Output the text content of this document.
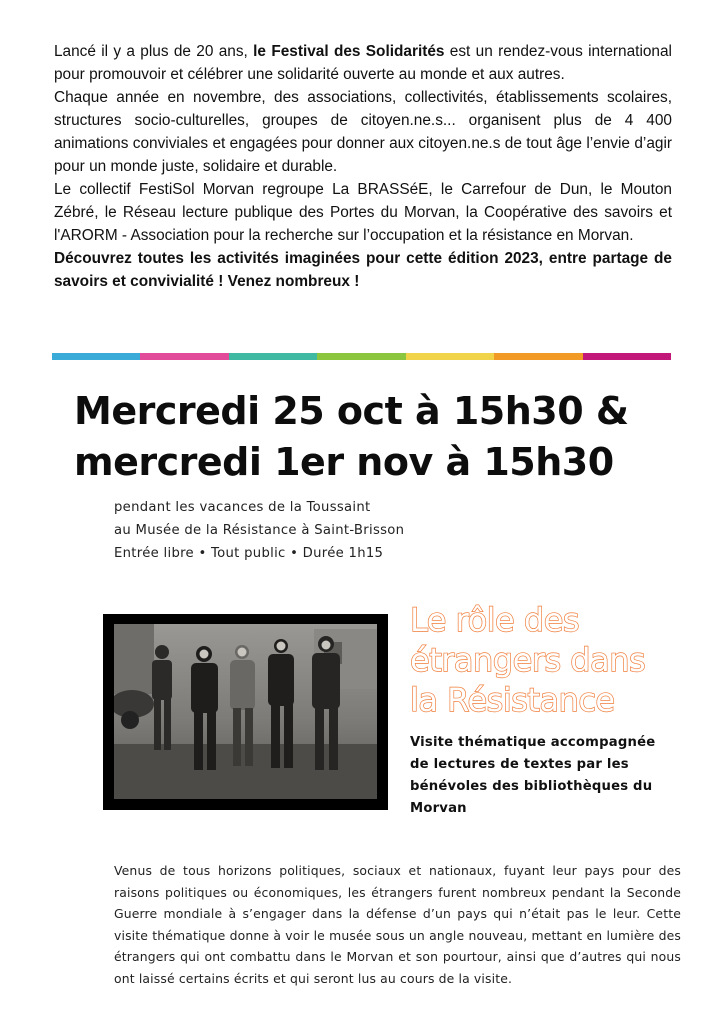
Lancé il y a plus de 20 ans, le Festival des Solidarités est un rendez-vous international pour promouvoir et célébrer une solidarité ouverte au monde et aux autres.

Chaque année en novembre, des associations, collectivités, établissements scolaires, structures socio-culturelles, groupes de citoyen.ne.s... organisent plus de 4 400 animations conviviales et engagées pour donner aux citoyen.ne.s de tout âge l’envie d’agir pour un monde juste, solidaire et durable.

Le collectif FestiSol Morvan regroupe La BRASSéE, le Carrefour de Dun, le Mouton Zébré, le Réseau lecture publique des Portes du Morvan, la Coopérative des savoirs et l'ARORM - Association pour la recherche sur l’occupation et la résistance en Morvan.

Découvrez toutes les activités imaginées pour cette édition 2023, entre partage de savoirs et convivialité ! Venez nombreux !

Mercredi 25 oct à 15h30 &
mercredi 1er nov à 15h30
pendant les vacances de la Toussaint
au Musée de la Résistance à Saint-Brisson
Entrée libre • Tout public • Durée 1h15
Le rôle des
étrangers dans
la Résistance
Visite thématique accompagnée
de lectures de textes par les
bénévoles des bibliothèques du
Morvan
Venus de tous horizons politiques, sociaux et nationaux, fuyant leur pays pour des raisons politiques ou économiques, les étrangers furent nombreux pendant la Seconde Guerre mondiale à s’engager dans la défense d’un pays qui n’était pas le leur. Cette visite thématique donne à voir le musée sous un angle nouveau, mettant en lumière des étrangers qui ont combattu dans le Morvan et son pourtour, ainsi que d’autres qui nous ont laissé certains écrits et qui seront lus au cours de la visite.
